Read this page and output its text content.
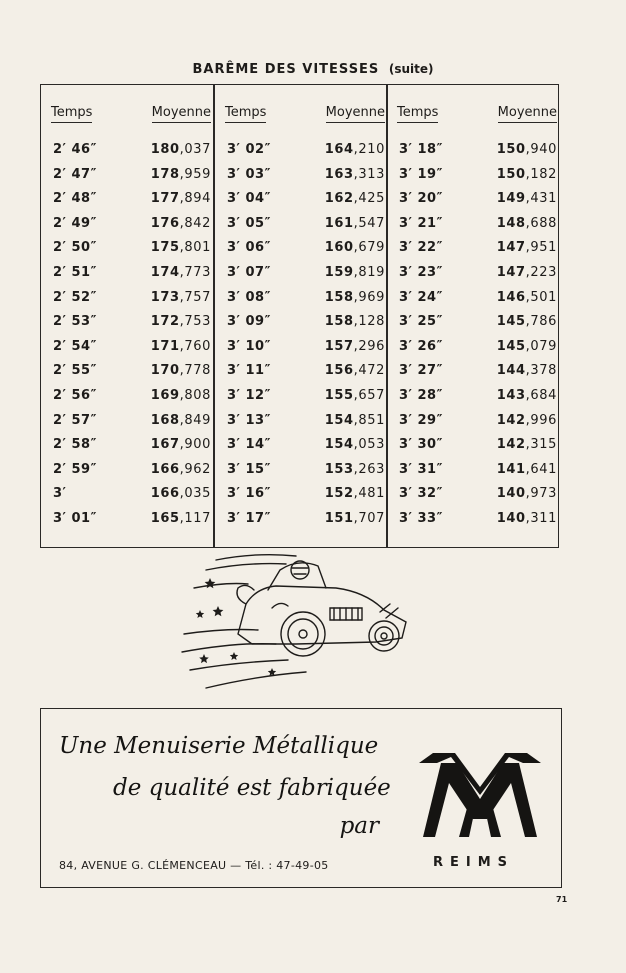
BARÊME DES VITESSES (suite)
Temps	Moyenne
2′ 46″	180,037
2′ 47″	178,959
2′ 48″	177,894
2′ 49″	176,842
2′ 50″	175,801
2′ 51″	174,773
2′ 52″	173,757
2′ 53″	172,753
2′ 54″	171,760
2′ 55″	170,778
2′ 56″	169,808
2′ 57″	168,849
2′ 58″	167,900
2′ 59″	166,962
3′	166,035
3′ 01″	165,117
Temps	Moyenne
3′ 02″	164,210
3′ 03″	163,313
3′ 04″	162,425
3′ 05″	161,547
3′ 06″	160,679
3′ 07″	159,819
3′ 08″	158,969
3′ 09″	158,128
3′ 10″	157,296
3′ 11″	156,472
3′ 12″	155,657
3′ 13″	154,851
3′ 14″	154,053
3′ 15″	153,263
3′ 16″	152,481
3′ 17″	151,707
Temps	Moyenne
3′ 18″	150,940
3′ 19″	150,182
3′ 20″	149,431
3′ 21″	148,688
3′ 22″	147,951
3′ 23″	147,223
3′ 24″	146,501
3′ 25″	145,786
3′ 26″	145,079
3′ 27″	144,378
3′ 28″	143,684
3′ 29″	142,996
3′ 30″	142,315
3′ 31″	141,641
3′ 32″	140,973
3′ 33″	140,311
Une Menuiserie Métallique
de qualité est fabriquée
par
84, AVENUE G. CLÉMENCEAU — Tél. : 47-49-05	REIMS
71
